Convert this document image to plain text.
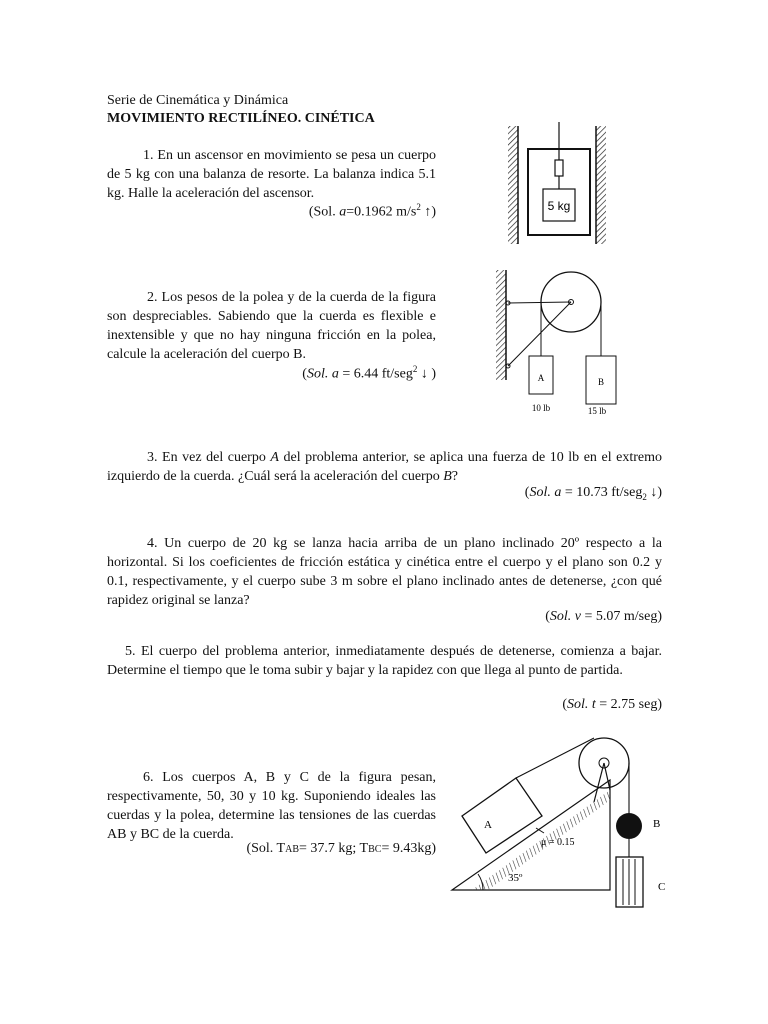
Serie de Cinemática y Dinámica
MOVIMIENTO RECTILÍNEO. CINÉTICA
1. En un ascensor en movimiento se pesa un cuerpo de 5 kg con una balanza de resorte. La balanza indica 5.1 kg. Halle la aceleración del ascensor.
(Sol. a=0.1962 $m/s^2$ ↑)	5 kg
2. Los pesos de la polea y de la cuerda de la figura son despreciables. Sabiendo que la cuerda es flexible e inextensible y que no hay ninguna fricción en la polea, calcule la aceleración del cuerpo B.
(Sol. a = 6.44 ft/seg$^2$ ↓ )	A	B
10 lb	15 lb
3. En vez del cuerpo A del problema anterior, se aplica una fuerza de 10 lb en el extremo izquierdo de la cuerda. ¿Cuál será la aceleración del cuerpo B?
(Sol. a = 10.73 ft/seg$_2$ ↓)
4. Un cuerpo de 20 kg se lanza hacia arriba de un plano inclinado 20º respecto a la horizontal. Si los coeficientes de fricción estática y cinética entre el cuerpo y el plano son 0.2 y 0.1, respectivamente, y el cuerpo sube 3 m sobre el plano inclinado antes de detenerse, ¿con qué rapidez original se lanza?
(Sol. v = 5.07 m/seg)
5. El cuerpo del problema anterior, inmediatamente después de detenerse, comienza a bajar. Determine el tiempo que le toma subir y bajar y la rapidez con que llega al punto de partida.
(Sol. t = 2.75 seg)
6. Los cuerpos A, B y C de la figura pesan, respectivamente, 50, 30 y 10 kg. Suponiendo ideales las cuerdas y la polea, determine las tensiones de las cuerdas AB y BC de la cuerda.
(Sol. TAB= 37.7 kg; TBC= 9.43kg)
35º
A	B
C
μ = 0.15
